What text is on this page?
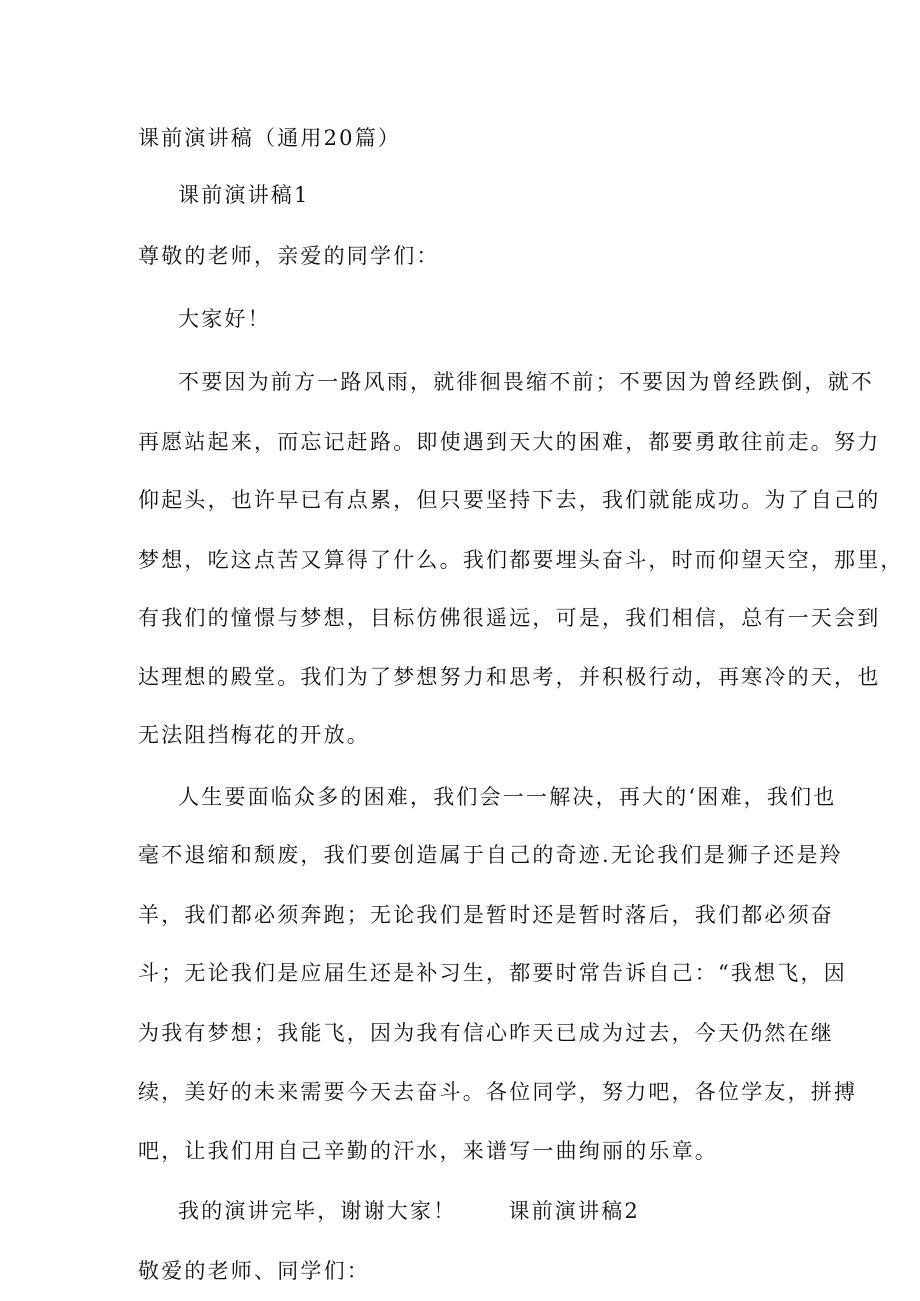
课前演讲稿（通用20篇）
课前演讲稿1
尊敬的老师，亲爱的同学们：
大家好！
不要因为前方一路风雨，就徘徊畏缩不前；不要因为曾经跌倒，就不
再愿站起来，而忘记赶路。即使遇到天大的困难，都要勇敢往前走。努力
仰起头，也许早已有点累，但只要坚持下去，我们就能成功。为了自己的
梦想，吃这点苦又算得了什么。我们都要埋头奋斗，时而仰望天空，那里，
有我们的憧憬与梦想，目标仿佛很遥远，可是，我们相信，总有一天会到
达理想的殿堂。我们为了梦想努力和思考，并积极行动，再寒冷的天，也
无法阻挡梅花的开放。
人生要面临众多的困难，我们会一一解决，再大的‘困难，我们也
毫不退缩和颓废，我们要创造属于自己的奇迹.无论我们是狮子还是羚
羊，我们都必须奔跑；无论我们是暂时还是暂时落后，我们都必须奋
斗；无论我们是应届生还是补习生，都要时常告诉自己：“我想飞，因
为我有梦想；我能飞，因为我有信心昨天已成为过去，今天仍然在继
续，美好的未来需要今天去奋斗。各位同学，努力吧，各位学友，拼搏
吧，让我们用自己辛勤的汗水，来谱写一曲绚丽的乐章。
我的演讲完毕，谢谢大家！ 课前演讲稿2
敬爱的老师、同学们：
